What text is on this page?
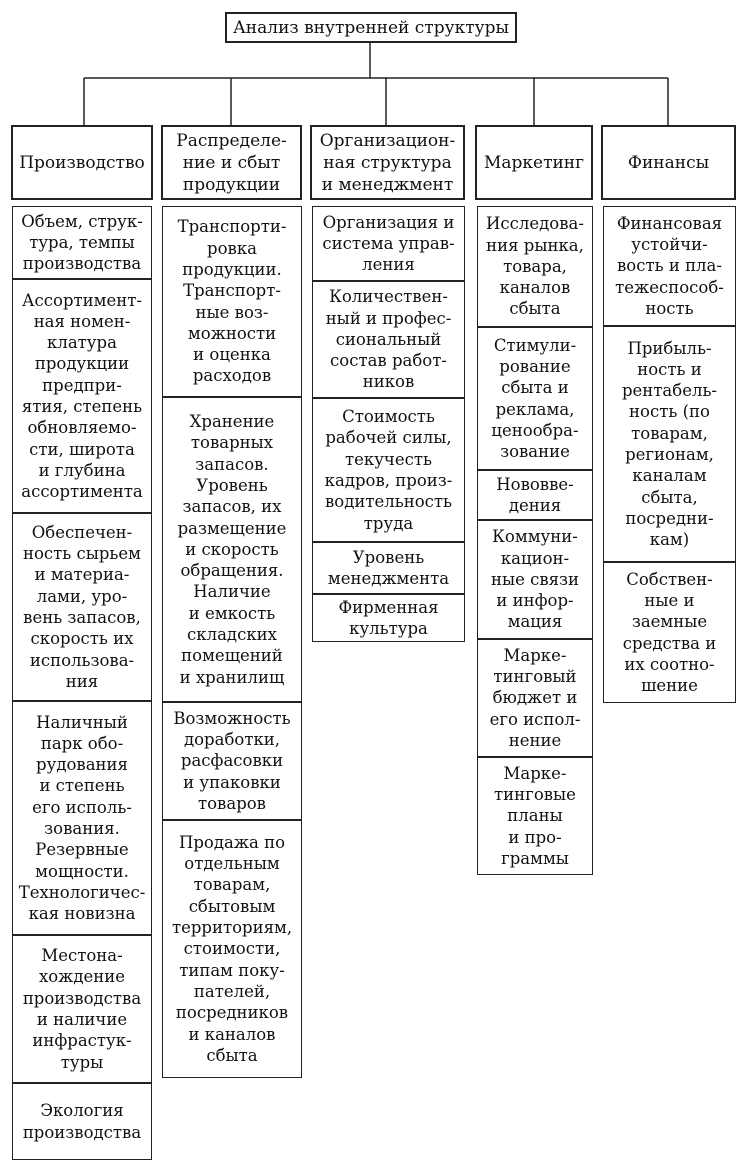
Анализ внутренней структуры
Производство
Распределе-
ние и сбыт
продукции
Организацион-
ная структура
и менеджмент
Маркетинг	Финансы
Объем, струк-
тура, темпы
производства
Ассортимент-
ная номен-
клатура
продукции
предпри-
ятия, степень
обновляемо-
сти, широта
и глубина
ассортимента
Обеспечен-
ность сырьем
и материа-
лами, уро-
вень запасов,
скорость их
использова-
ния
Наличный
парк обо-
рудования
и степень
его исполь-
зования.
Резервные
мощности.
Технологичес-
кая новизна
Местона-
хождение
производства
и наличие
инфрастук-
туры
Экология
производства
Транспорти-
ровка
продукции.
Транспорт-
ные воз-
можности
и оценка
расходов
Хранение
товарных
запасов.
Уровень
запасов, их
размещение
и скорость
обращения.
Наличие
и емкость
складских
помещений
и хранилищ
Возможность
доработки,
расфасовки
и упаковки
товаров
Продажа по
отдельным
товарам,
сбытовым
территориям,
стоимости,
типам поку-
пателей,
посредников
и каналов
сбыта
Организация и
система управ-
ления
Количествен-
ный и профес-
сиональный
состав работ-
ников
Стоимость
рабочей силы,
текучесть
кадров, произ-
водительность
труда
Уровень
менеджмента
Фирменная
культура
Исследова-
ния рынка,
товара,
каналов
сбыта
Стимули-
рование
сбыта и
реклама,
ценообра-
зование
Нововве-
дения
Коммуни-
кацион-
ные связи
и инфор-
мация
Марке-
тинговый
бюджет и
его испол-
нение
Марке-
тинговые
планы
и про-
граммы
Финансовая
устойчи-
вость и пла-
тежеспособ-
ность
Прибыль-
ность и
рентабель-
ность (по
товарам,
регионам,
каналам
сбыта,
посредни-
кам)
Собствен-
ные и
заемные
средства и
их соотно-
шение
